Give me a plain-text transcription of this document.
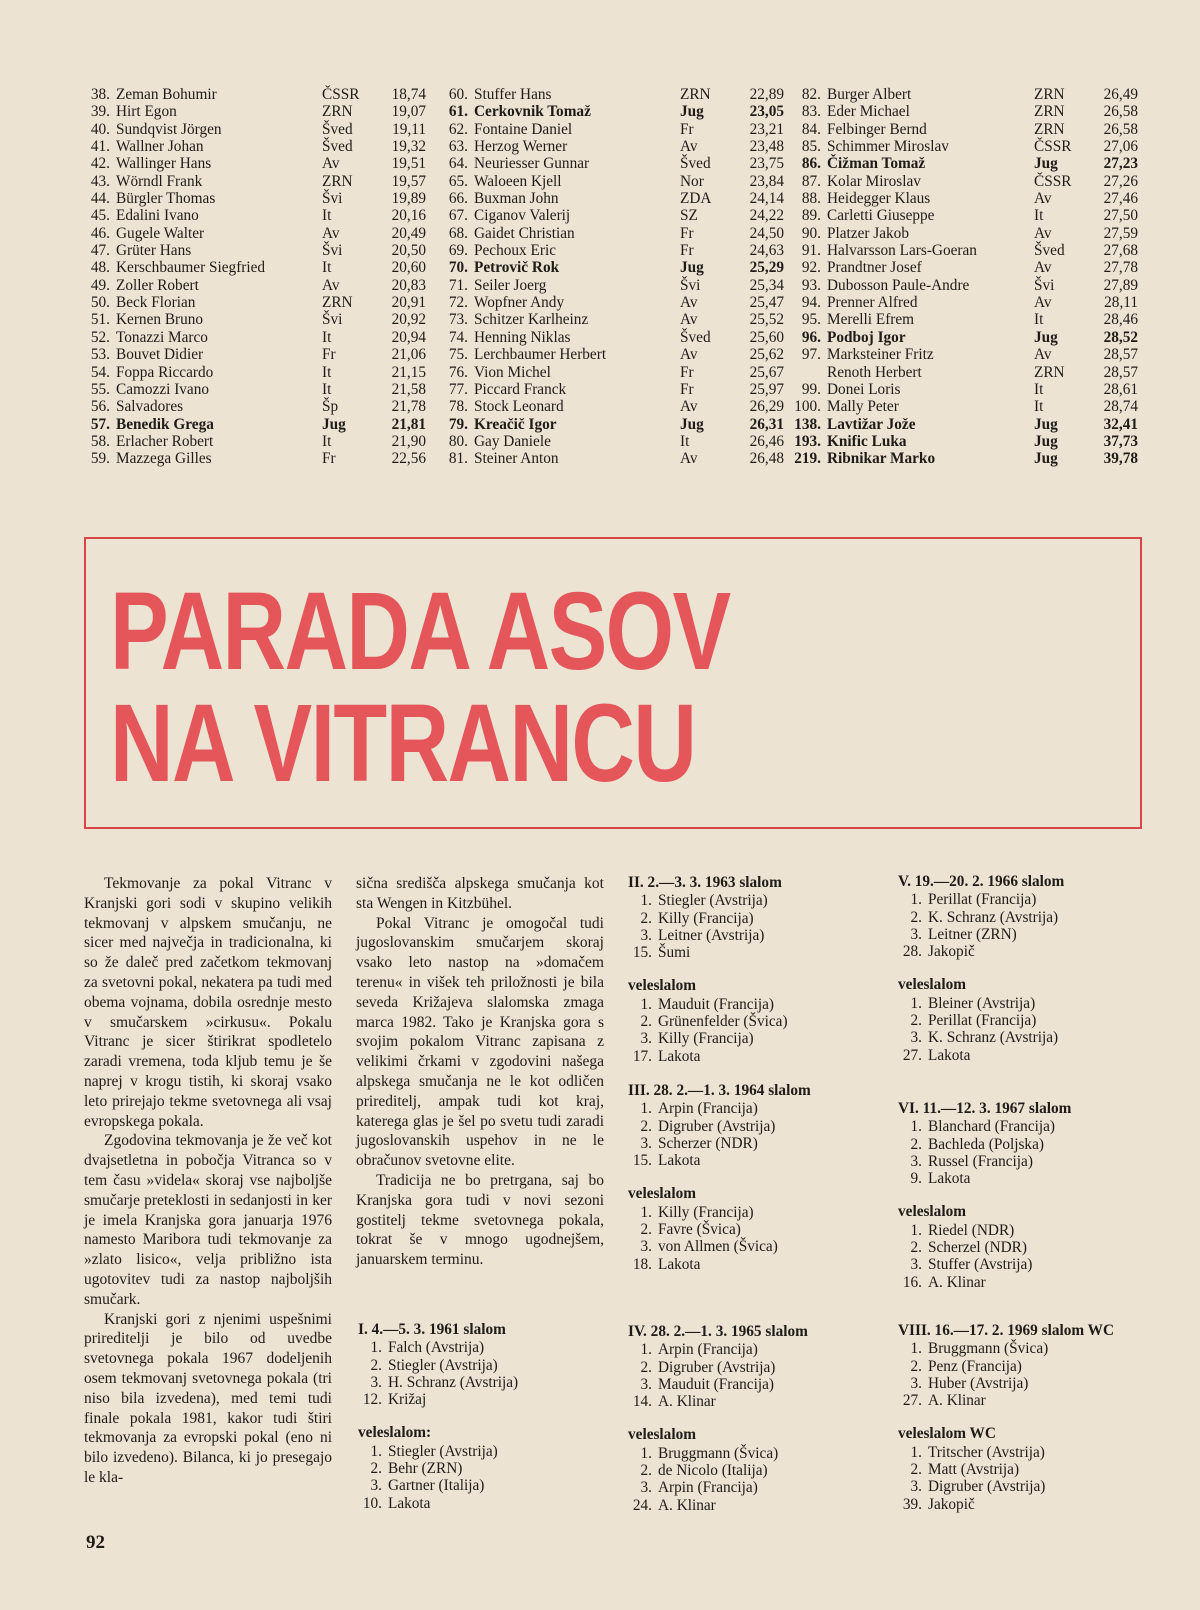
38. Zeman Bohumir	ČSSR	18,74
39. Hirt Egon	ZRN	19,07
40. Sundqvist Jörgen	Šved	19,11
41. Wallner Johan	Šved	19,32
42. Wallinger Hans	Av	19,51
43. Wörndl Frank	ZRN	19,57
44. Bürgler Thomas	Švi	19,89
45. Edalini Ivano	It	20,16
46. Gugele Walter	Av	20,49
47. Grüter Hans	Švi	20,50
48. Kerschbaumer Siegfried	It	20,60
49. Zoller Robert	Av	20,83
50. Beck Florian	ZRN	20,91
51. Kernen Bruno	Švi	20,92
52. Tonazzi Marco	It	20,94
53. Bouvet Didier	Fr	21,06
54. Foppa Riccardo	It	21,15
55. Camozzi Ivano	It	21,58
56. Salvadores	Šp	21,78
57. Benedik Grega	Jug	21,81
58. Erlacher Robert	It	21,90
59. Mazzega Gilles	Fr	22,56
60. Stuffer Hans	ZRN	22,89
61. Cerkovnik Tomaž	Jug	23,05
62. Fontaine Daniel	Fr	23,21
63. Herzog Werner	Av	23,48
64. Neuriesser Gunnar	Šved	23,75
65. Waloeen Kjell	Nor	23,84
66. Buxman John	ZDA	24,14
67. Ciganov Valerij	SZ	24,22
68. Gaidet Christian	Fr	24,50
69. Pechoux Eric	Fr	24,63
70. Petrovič Rok	Jug	25,29
71. Seiler Joerg	Švi	25,34
72. Wopfner Andy	Av	25,47
73. Schitzer Karlheinz	Av	25,52
74. Henning Niklas	Šved	25,60
75. Lerchbaumer Herbert	Av	25,62
76. Vion Michel	Fr	25,67
77. Piccard Franck	Fr	25,97
78. Stock Leonard	Av	26,29
79. Kreačič Igor	Jug	26,31
80. Gay Daniele	It	26,46
81. Steiner Anton	Av	26,48
82. Burger Albert	ZRN	26,49
83. Eder Michael	ZRN	26,58
84. Felbinger Bernd	ZRN	26,58
85. Schimmer Miroslav	ČSSR	27,06
86. Čižman Tomaž	Jug	27,23
87. Kolar Miroslav	ČSSR	27,26
88. Heidegger Klaus	Av	27,46
89. Carletti Giuseppe	It	27,50
90. Platzer Jakob	Av	27,59
91. Halvarsson Lars-Goeran	Šved	27,68
92. Prandtner Josef	Av	27,78
93. Dubosson Paule-Andre	Švi	27,89
94. Prenner Alfred	Av	28,11
95. Merelli Efrem	It	28,46
96. Podboj Igor	Jug	28,52
97. Marksteiner Fritz	Av	28,57
Renoth Herbert	ZRN	28,57
99. Donei Loris	It	28,61
100. Mally Peter	It	28,74
138. Lavtižar Jože	Jug	32,41
193. Knific Luka	Jug	37,73
219. Ribnikar Marko	Jug	39,78
PARADA ASOV
NA VITRANCU

Tekmovanje za pokal Vitranc v Kranjski gori sodi v skupino velikih tekmovanj v alpskem smučanju, ne sicer med največja in tradicionalna, ki so že daleč pred začetkom tekmovanj za svetovni pokal, nekatera pa tudi med obema vojnama, dobila osrednje mesto v smučarskem »cirkusu«. Pokalu Vitranc je sicer štirikrat spodletelo zaradi vremena, toda kljub temu je še naprej v krogu tistih, ki skoraj vsako leto prirejajo tekme svetovnega ali vsaj evropskega pokala.

Zgodovina tekmovanja je že več kot dvajsetletna in pobočja Vitranca so v tem času »videla« skoraj vse najboljše smučarje preteklosti in sedanjosti in ker je imela Kranjska gora januarja 1976 namesto Maribora tudi tekmovanje za »zlato lisico«, velja približno ista ugotovitev tudi za nastop najboljših smučark.

Kranjski gori z njenimi uspešnimi prireditelji je bilo od uvedbe svetovnega pokala 1967 dodeljenih osem tekmovanj svetovnega pokala (tri niso bila izvedena), med temi tudi finale pokala 1981, kakor tudi štiri tekmovanja za evropski pokal (eno ni bilo izvedeno). Bilanca, ki jo presegajo le kla-

sična središča alpskega smučanja kot sta Wengen in Kitzbühel.

Pokal Vitranc je omogočal tudi jugoslovanskim smučarjem skoraj vsako leto nastop na »domačem terenu« in višek teh priložnosti je bila seveda Križajeva slalomska zmaga marca 1982. Tako je Kranjska gora s svojim pokalom Vitranc zapisana z velikimi črkami v zgodovini našega alpskega smučanja ne le kot odličen prireditelj, ampak tudi kot kraj, katerega glas je šel po svetu tudi zaradi jugoslovanskih uspehov in ne le obračunov svetovne elite.

Tradicija ne bo pretrgana, saj bo Kranjska gora tudi v novi sezoni gostitelj tekme svetovnega pokala, tokrat še v mnogo ugodnejšem, januarskem terminu.

I. 4.—5. 3. 1961 slalom
1. Falch (Avstrija)
2. Stiegler (Avstrija)
3. H. Schranz (Avstrija)
12. Križaj
veleslalom:
1. Stiegler (Avstrija)
2. Behr (ZRN)
3. Gartner (Italija)
10. Lakota
II. 2.—3. 3. 1963 slalom
1. Stiegler (Avstrija)
2. Killy (Francija)
3. Leitner (Avstrija)
15. Šumi
veleslalom
1. Mauduit (Francija)
2. Grünenfelder (Švica)
3. Killy (Francija)
17. Lakota
III. 28. 2.—1. 3. 1964 slalom
1. Arpin (Francija)
2. Digruber (Avstrija)
3. Scherzer (NDR)
15. Lakota
veleslalom
1. Killy (Francija)
2. Favre (Švica)
3. von Allmen (Švica)
18. Lakota
IV. 28. 2.—1. 3. 1965 slalom
1. Arpin (Francija)
2. Digruber (Avstrija)
3. Mauduit (Francija)
14. A. Klinar
veleslalom
1. Bruggmann (Švica)
2. de Nicolo (Italija)
3. Arpin (Francija)
24. A. Klinar
V. 19.—20. 2. 1966 slalom
1. Perillat (Francija)
2. K. Schranz (Avstrija)
3. Leitner (ZRN)
28. Jakopič
veleslalom
1. Bleiner (Avstrija)
2. Perillat (Francija)
3. K. Schranz (Avstrija)
27. Lakota
VI. 11.—12. 3. 1967 slalom
1. Blanchard (Francija)
2. Bachleda (Poljska)
3. Russel (Francija)
9. Lakota
veleslalom
1. Riedel (NDR)
2. Scherzel (NDR)
3. Stuffer (Avstrija)
16. A. Klinar
VIII. 16.—17. 2. 1969 slalom WC
1. Bruggmann (Švica)
2. Penz (Francija)
3. Huber (Avstrija)
27. A. Klinar
veleslalom WC
1. Tritscher (Avstrija)
2. Matt (Avstrija)
3. Digruber (Avstrija)
39. Jakopič
92
